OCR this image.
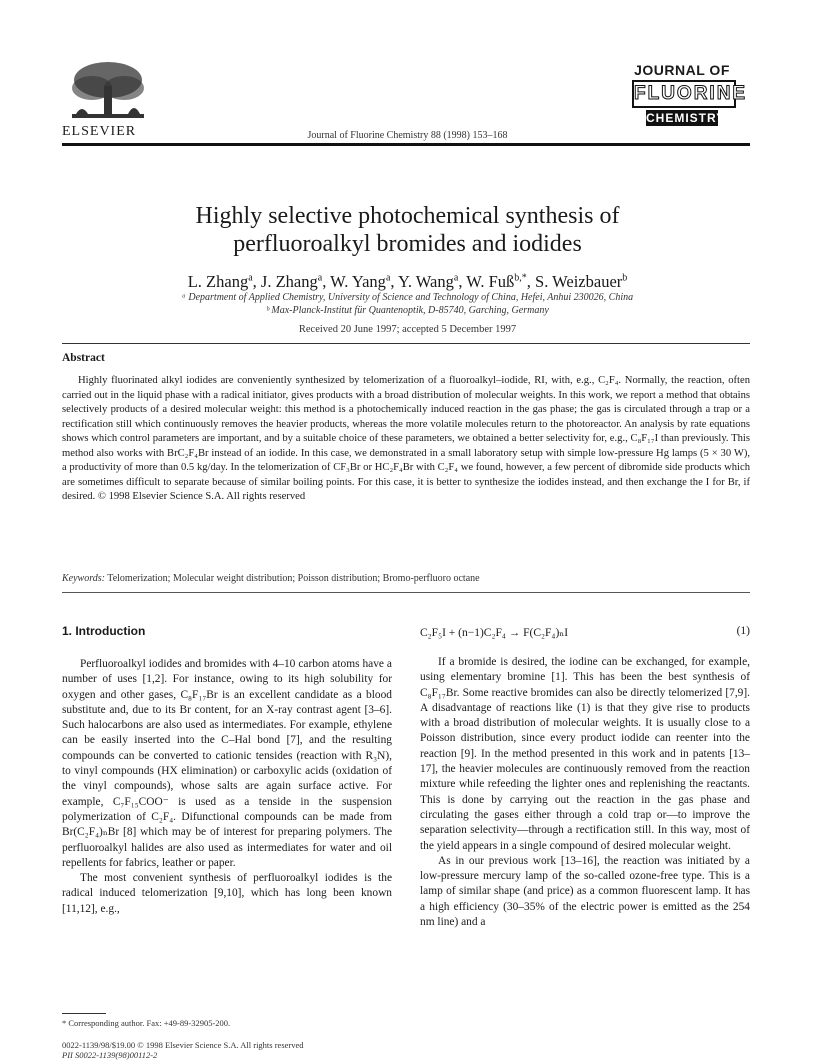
ELSEVIER	Journal of Fluorine Chemistry 88 (1998) 153–168
JOURNAL OF
FLUORINE
CHEMISTRY
Highly selective photochemical synthesis of
perfluoroalkyl bromides and iodides
L. Zhang$^a$, J. Zhang$^a$, W. Yang$^a$, Y. Wang$^a$, W. Fuß$^{b,*}$, S. Weizbauer$^b$
ᵃ Department of Applied Chemistry, University of Science and Technology of China, Hefei, Anhui 230026, China
ᵇ Max-Planck-Institut für Quantenoptik, D-85740, Garching, Germany
Received 20 June 1997; accepted 5 December 1997
Abstract
Highly fluorinated alkyl iodides are conveniently synthesized by telomerization of a fluoroalkyl–iodide, RI, with, e.g., C₂F₄. Normally, the reaction, often carried out in the liquid phase with a radical initiator, gives products with a broad distribution of molecular weights. In this work, we report a method that obtains selectively products of a desired molecular weight: this method is a photochemically induced reaction in the gas phase; the gas is circulated through a trap or a rectification still which continuously removes the heavier products, whereas the more volatile molecules return to the photoreactor. An analysis by rate equations shows which control parameters are important, and by a suitable choice of these parameters, we obtained a better selectivity for, e.g., C₈F₁₇I than previously. This method also works with BrC₂F₄Br instead of an iodide. In this case, we demonstrated in a small laboratory setup with simple low-pressure Hg lamps (5 × 30 W), a productivity of more than 0.5 kg/day. In the telomerization of CF₃Br or HC₂F₄Br with C₂F₄ we found, however, a few percent of dibromide side products which are sometimes difficult to separate because of similar boiling points. For this case, it is better to synthesize the iodides instead, and then exchange the I for Br, if desired. © 1998 Elsevier Science S.A. All rights reserved
Keywords: Telomerization; Molecular weight distribution; Poisson distribution; Bromo-perfluoro octane
1. Introduction

Perfluoroalkyl iodides and bromides with 4–10 carbon atoms have a number of uses [1,2]. For instance, owing to its high solubility for oxygen and other gases, C₈F₁₇Br is an excellent candidate as a blood substitute and, due to its Br content, for an X-ray contrast agent [3–6]. Such halocarbons are also used as intermediates. For example, ethylene can be easily inserted into the C–Hal bond [7], and the resulting compounds can be converted to cationic tensides (reaction with R₃N), to vinyl compounds (HX elimination) or carboxylic acids (oxidation of the vinyl compounds), whose salts are again surface active. For example, C₇F₁₅COO⁻ is used as a tenside in the suspension polymerization of C₂F₄. Difunctional compounds can be made from Br(C₂F₄)ₙBr [8] which may be of interest for preparing polymers. The perfluoroalkyl halides are also used as intermediates for water and oil repellents for fabrics, leather or paper.

The most convenient synthesis of perfluoroalkyl iodides is the radical induced telomerization [9,10], which has long been known [11,12], e.g.,

C₂F₅I + (n−1)C₂F₄ → F(C₂F₄)ₙI	(1)

If a bromide is desired, the iodine can be exchanged, for example, using elementary bromine [1]. This has been the best synthesis of C₈F₁₇Br. Some reactive bromides can also be directly telomerized [7,9]. A disadvantage of reactions like (1) is that they give rise to products with a broad distribution of molecular weights. It is usually close to a Poisson distribution, since every product iodide can reenter into the reaction [9]. In the method presented in this work and in patents [13–17], the heavier molecules are continuously removed from the reaction mixture while refeeding the lighter ones and replenishing the reactants. This is done by carrying out the reaction in the gas phase and circulating the gases either through a cold trap or—to improve the separation selectivity—through a rectification still. In this way, most of the yield appears in a single compound of desired molecular weight.

As in our previous work [13–16], the reaction was initiated by a low-pressure mercury lamp of the so-called ozone-free type. This is a lamp of similar shape (and price) as a common fluorescent lamp. It has a high efficiency (30–35% of the electric power is emitted as the 254 nm line) and a

* Corresponding author. Fax: +49-89-32905-200.
0022-1139/98/$19.00 © 1998 Elsevier Science S.A. All rights reserved
PII S0022-1139(98)00112-2
